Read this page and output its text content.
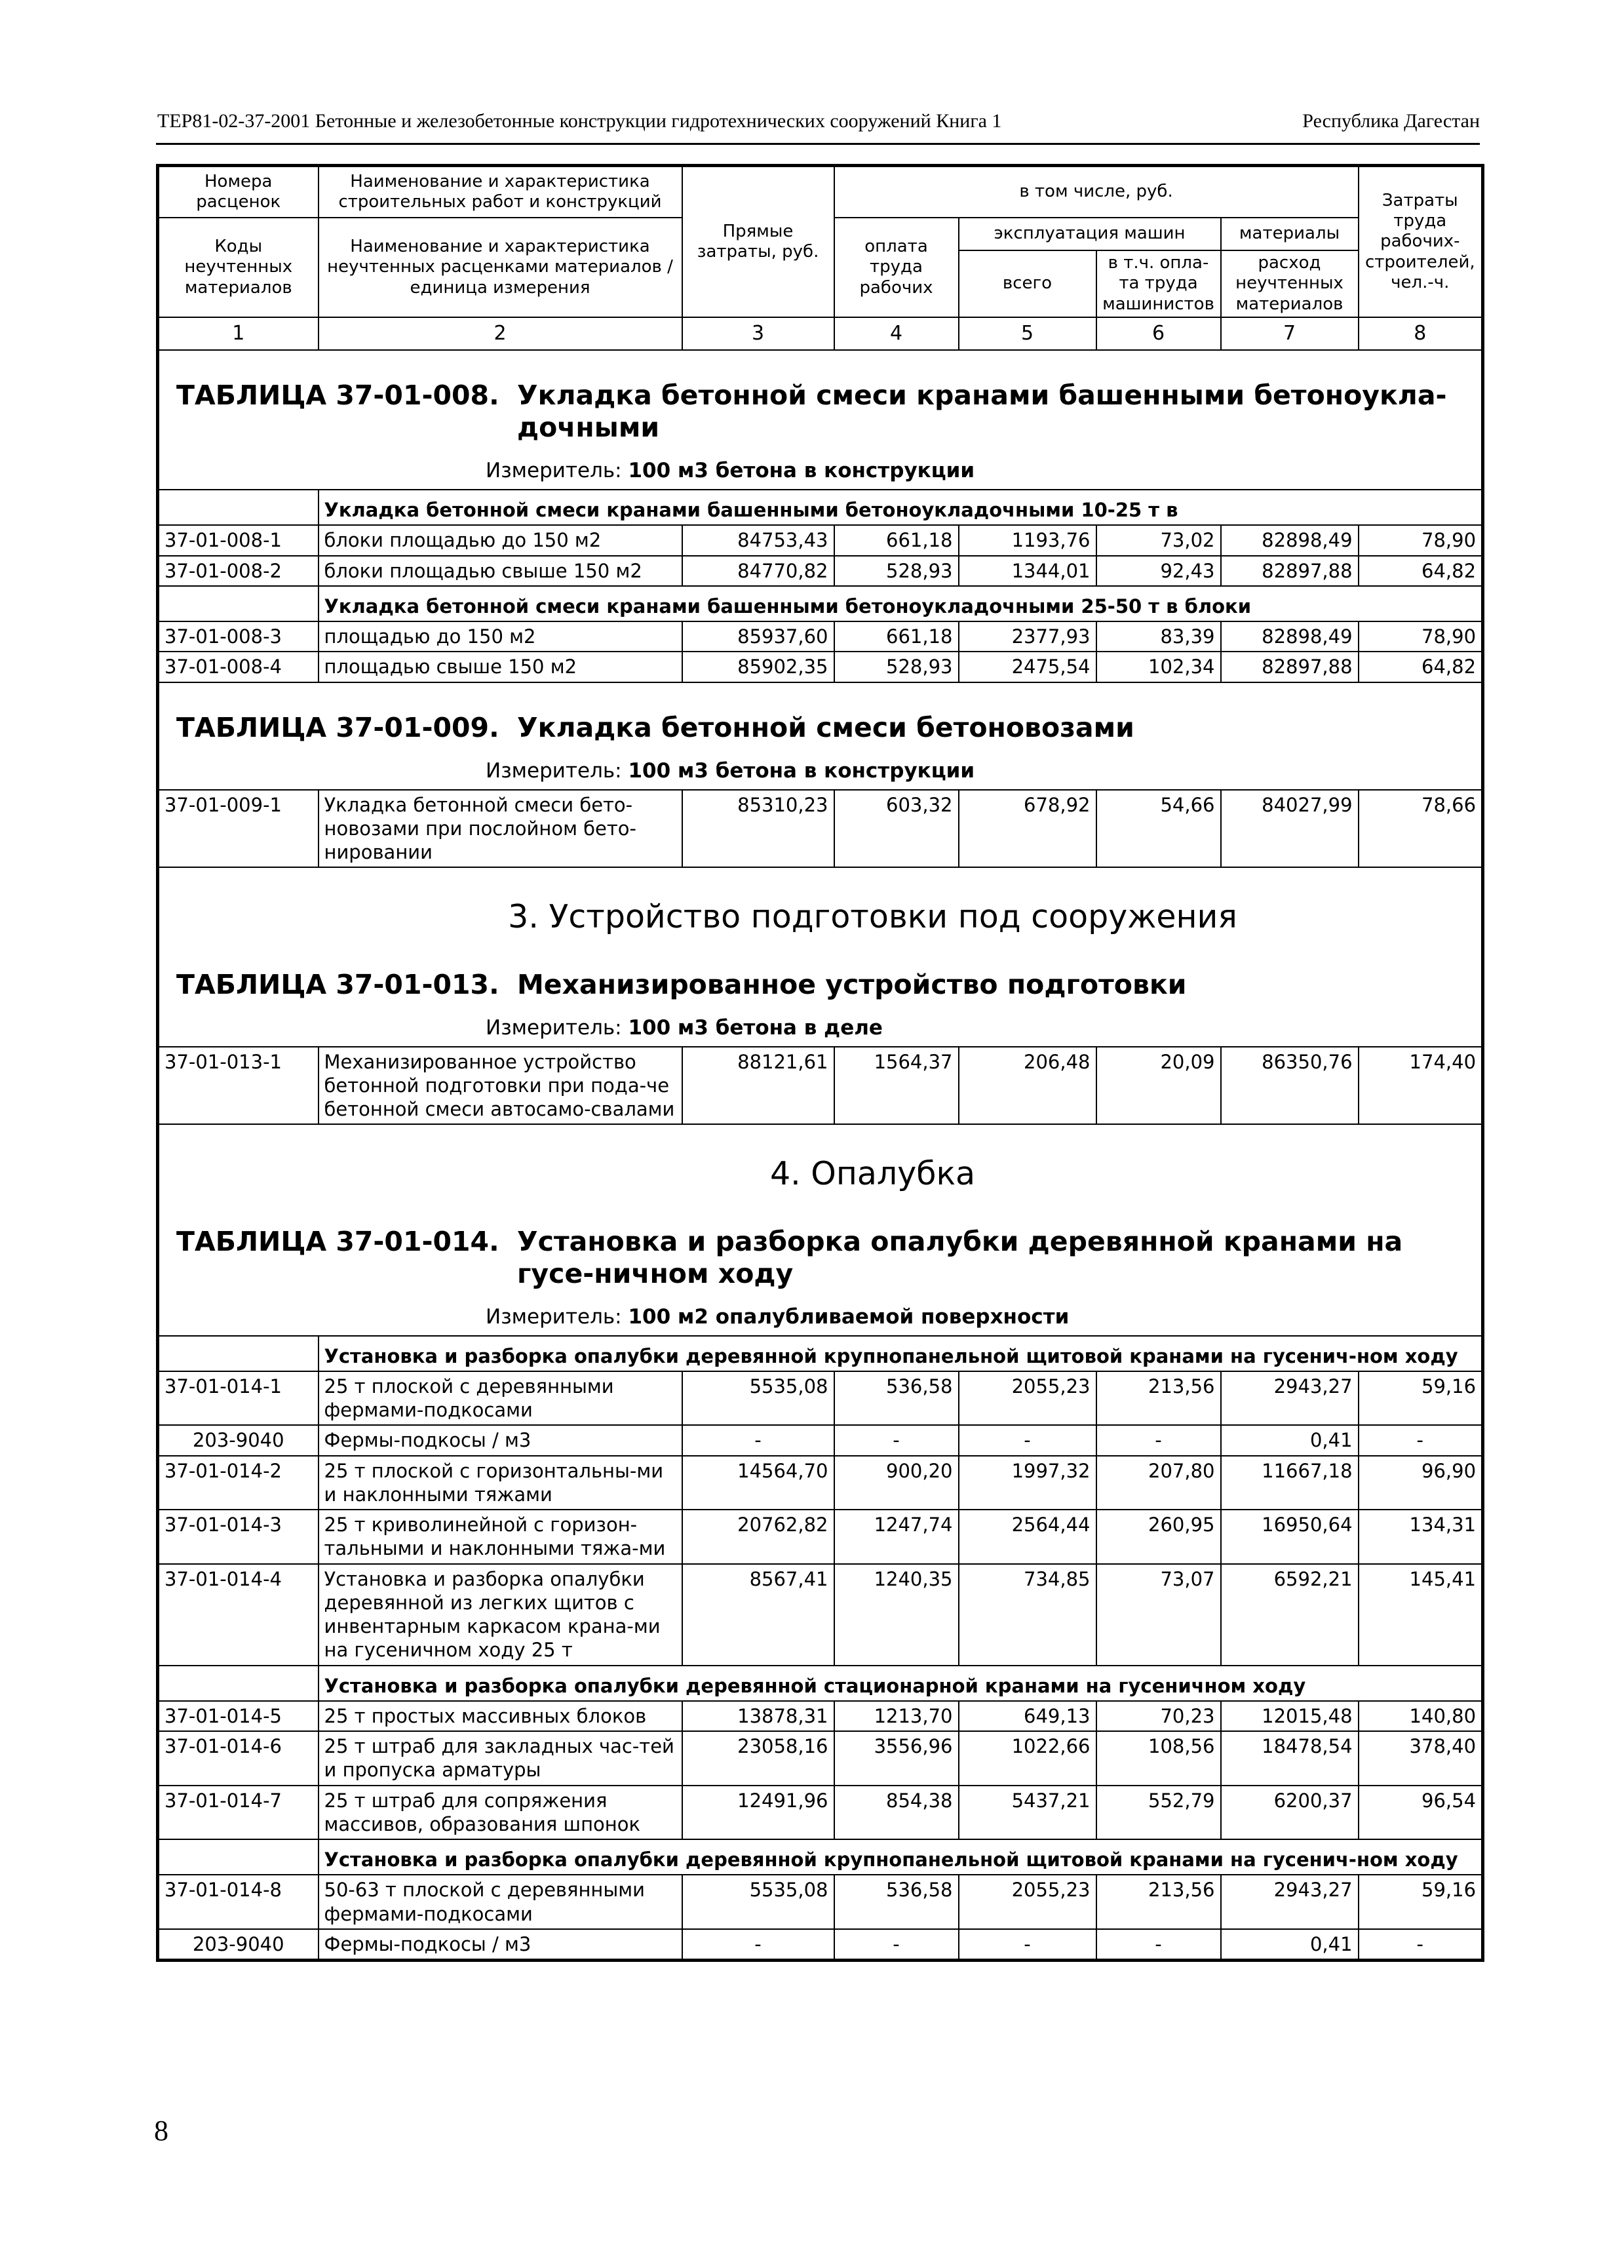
ТЕР81-02-37-2001 Бетонные и железобетонные конструкции гидротехнических сооружений Книга 1	Республика Дагестан
Номера расценок	Наименование и характеристика строительных работ и конструкций	Прямые затраты, руб.	в том числе, руб.				Затраты труда рабочих-строителей, чел.-ч.
Коды неучтенных материалов	Наименование и характеристика неучтенных расценками материалов / единица измерения		оплата труда рабочих	эксплуатация машин		материалы	
				всего	в т.ч. опла-та труда машинистов	расход неучтенных материалов	
1	2	3	4	5	6	7	8

ТАБЛИЦА 37-01-008. Укладка бетонной смеси кранами башенными бетоноукла-дочными							

Измеритель: 100 м3 бетона в конструкции							

	Укладка бетонной смеси кранами башенными бетоноукладочными 10-25 т в						
37-01-008-1	блоки площадью до 150 м2	84753,43	661,18	1193,76	73,02	82898,49	78,90
37-01-008-2	блоки площадью свыше 150 м2	84770,82	528,93	1344,01	92,43	82897,88	64,82
	Укладка бетонной смеси кранами башенными бетоноукладочными 25-50 т в блоки						
37-01-008-3	площадью до 150 м2	85937,60	661,18	2377,93	83,39	82898,49	78,90
37-01-008-4	площадью свыше 150 м2	85902,35	528,93	2475,54	102,34	82897,88	64,82

ТАБЛИЦА 37-01-009. Укладка бетонной смеси бетоновозами							

Измеритель: 100 м3 бетона в конструкции							

37-01-009-1	Укладка бетонной смеси бето-новозами при послойном бето-нировании	85310,23	603,32	678,92	54,66	84027,99	78,66

3. Устройство подготовки под сооружения							

ТАБЛИЦА 37-01-013. Механизированное устройство подготовки							

Измеритель: 100 м3 бетона в деле							

37-01-013-1	Механизированное устройство бетонной подготовки при пода-че бетонной смеси автосамо-свалами	88121,61	1564,37	206,48	20,09	86350,76	174,40

4. Опалубка							

ТАБЛИЦА 37-01-014. Установка и разборка опалубки деревянной кранами на гусе-ничном ходу							

Измеритель: 100 м2 опалубливаемой поверхности							

	Установка и разборка опалубки деревянной крупнопанельной щитовой кранами на гусенич-ном ходу						
37-01-014-1	25 т плоской с деревянными фермами-подкосами	5535,08	536,58	2055,23	213,56	2943,27	59,16
203-9040	Фермы-подкосы / м3	-	-	-	-	0,41	-
37-01-014-2	25 т плоской с горизонтальны-ми и наклонными тяжами	14564,70	900,20	1997,32	207,80	11667,18	96,90
37-01-014-3	25 т криволинейной с горизон-тальными и наклонными тяжа-ми	20762,82	1247,74	2564,44	260,95	16950,64	134,31
37-01-014-4	Установка и разборка опалубки деревянной из легких щитов с инвентарным каркасом крана-ми на гусеничном ходу 25 т	8567,41	1240,35	734,85	73,07	6592,21	145,41
	Установка и разборка опалубки деревянной стационарной кранами на гусеничном ходу						
37-01-014-5	25 т простых массивных блоков	13878,31	1213,70	649,13	70,23	12015,48	140,80
37-01-014-6	25 т штраб для закладных час-тей и пропуска арматуры	23058,16	3556,96	1022,66	108,56	18478,54	378,40
37-01-014-7	25 т штраб для сопряжения массивов, образования шпонок	12491,96	854,38	5437,21	552,79	6200,37	96,54
	Установка и разборка опалубки деревянной крупнопанельной щитовой кранами на гусенич-ном ходу						
37-01-014-8	50-63 т плоской с деревянными фермами-подкосами	5535,08	536,58	2055,23	213,56	2943,27	59,16
203-9040	Фермы-подкосы / м3	-	-	-	-	0,41	-
8
